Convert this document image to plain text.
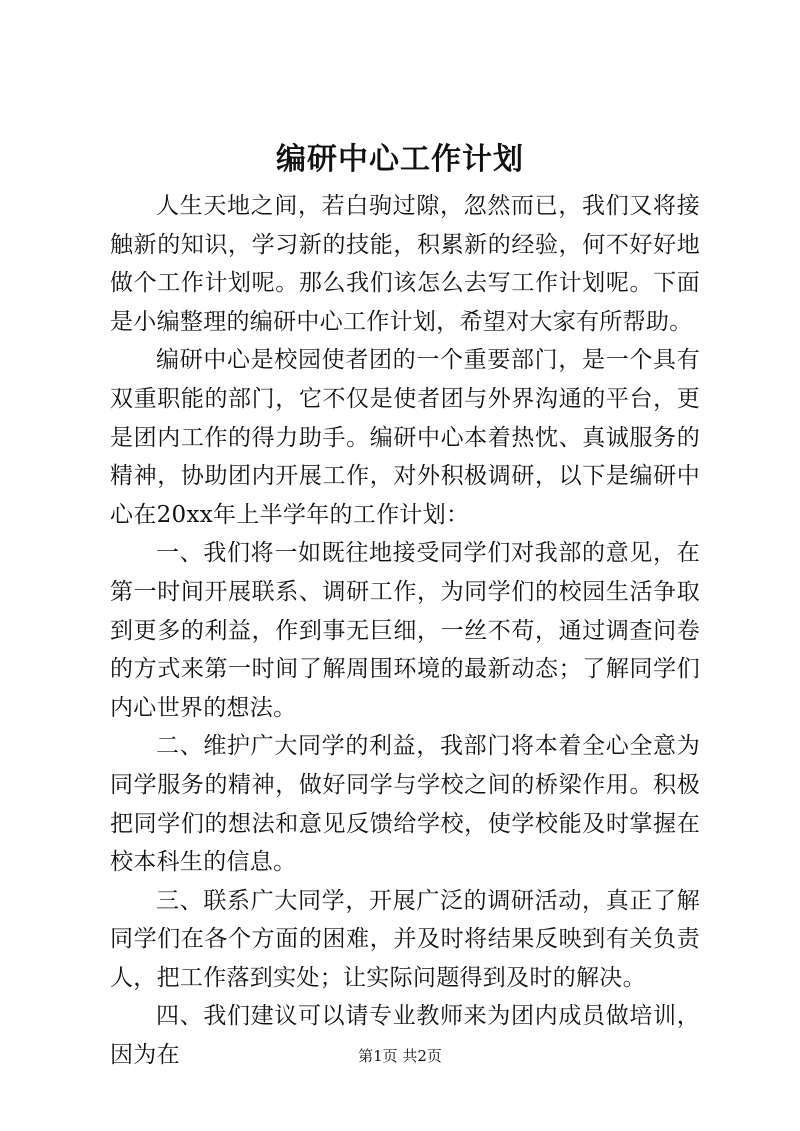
编研中心工作计划

人生天地之间，若白驹过隙，忽然而已，我们又将接触新的知识，学习新的技能，积累新的经验，何不好好地做个工作计划呢。那么我们该怎么去写工作计划呢。下面是小编整理的编研中心工作计划，希望对大家有所帮助。

编研中心是校园使者团的一个重要部门，是一个具有双重职能的部门，它不仅是使者团与外界沟通的平台，更是团内工作的得力助手。编研中心本着热忱、真诚服务的精神，协助团内开展工作，对外积极调研，以下是编研中心在20xx年上半学年的工作计划：

一、我们将一如既往地接受同学们对我部的意见，在第一时间开展联系、调研工作，为同学们的校园生活争取到更多的利益，作到事无巨细，一丝不苟，通过调查问卷的方式来第一时间了解周围环境的最新动态；了解同学们内心世界的想法。

二、维护广大同学的利益，我部门将本着全心全意为同学服务的精神，做好同学与学校之间的桥梁作用。积极把同学们的想法和意见反馈给学校，使学校能及时掌握在校本科生的信息。

三、联系广大同学，开展广泛的调研活动，真正了解同学们在各个方面的困难，并及时将结果反映到有关负责人，把工作落到实处；让实际问题得到及时的解决。

四、我们建议可以请专业教师来为团内成员做培训，因为在	第1页 共2页
